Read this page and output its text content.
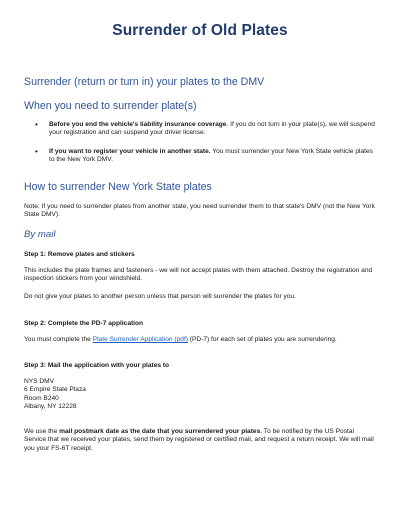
Surrender of Old Plates
Surrender (return or turn in) your plates to the DMV
When you need to surrender plate(s)
• Before you end the vehicle's liability insurance coverage. If you do not turn in your plate(s), we will suspend your registration and can suspend your driver license.
• If you want to register your vehicle in another state. You must surrender your New York State vehicle plates to the New York DMV.
How to surrender New York State plates
Note: If you need to surrender plates from another state, you need surrender them to that state's DMV (not the New York State DMV).
By mail
Step 1: Remove plates and stickers
This includes the plate frames and fasteners - we will not accept plates with them attached. Destroy the registration and inspection stickers from your windshield.
Do not give your plates to another person unless that person will surrender the plates for you.
Step 2: Complete the PD-7 application
You must complete the Plate Surrender Application (pdf) (PD-7) for each set of plates you are surrendering.
Step 3: Mail the application with your plates to
NYS DMV
6 Empire State Plaza
Room B240
Albany, NY 12228
We use the mail postmark date as the date that you surrendered your plates. To be notified by the US Postal Service that we received your plates, send them by registered or certified mail, and request a return receipt. We will mail you your FS-6T receipt.
